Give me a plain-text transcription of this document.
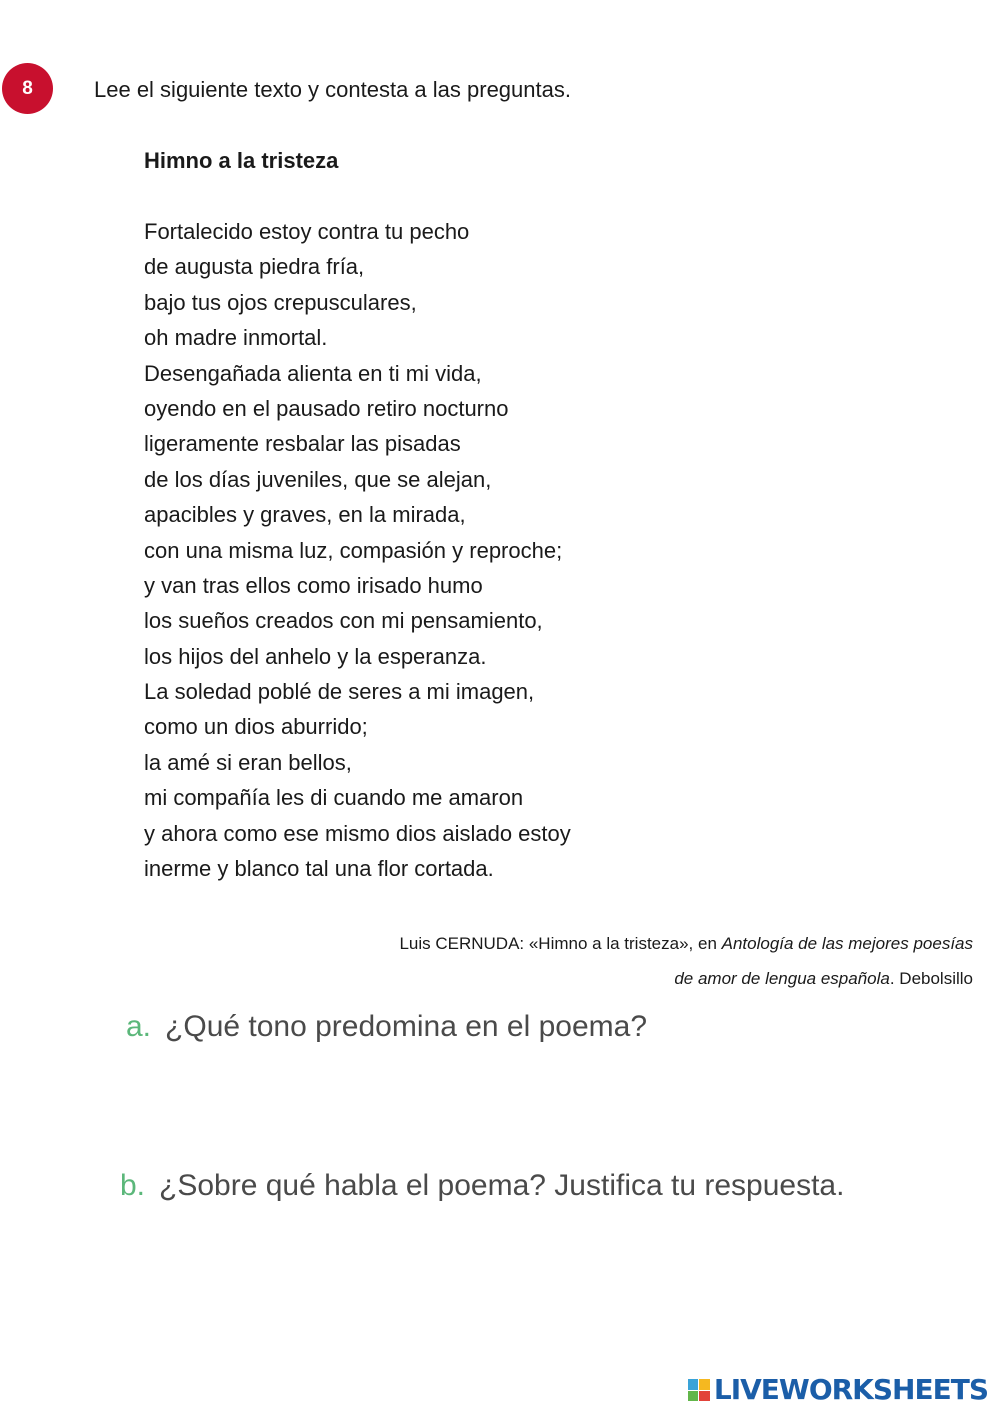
8	Lee el siguiente texto y contesta a las preguntas.
Himno a la tristeza
Fortalecido estoy contra tu pecho
de augusta piedra fría,
bajo tus ojos crepusculares,
oh madre inmortal.
Desengañada alienta en ti mi vida,
oyendo en el pausado retiro nocturno
ligeramente resbalar las pisadas
de los días juveniles, que se alejan,
apacibles y graves, en la mirada,
con una misma luz, compasión y reproche;
y van tras ellos como irisado humo
los sueños creados con mi pensamiento,
los hijos del anhelo y la esperanza.
La soledad poblé de seres a mi imagen,
como un dios aburrido;
la amé si eran bellos,
mi compañía les di cuando me amaron
y ahora como ese mismo dios aislado estoy
inerme y blanco tal una flor cortada.
Luis CERNUDA: «Himno a la tristeza», en Antología de las mejores poesías
de amor de lengua española. Debolsillo
a. ¿Qué tono predomina en el poema?
b. ¿Sobre qué habla el poema? Justifica tu respuesta.
LIVEWORKSHEETS
